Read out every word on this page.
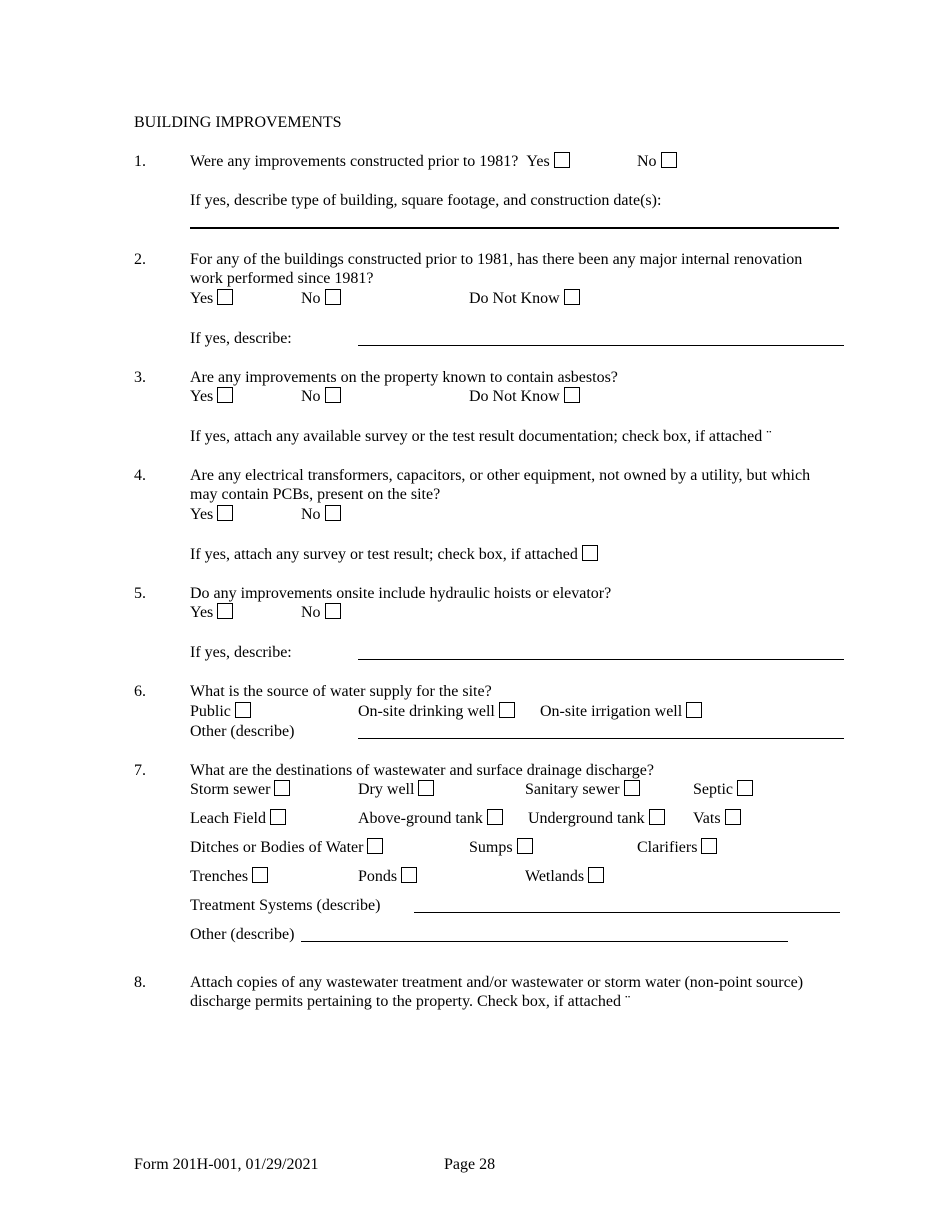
BUILDING IMPROVEMENTS
1.	Were any improvements constructed prior to 1981? Yes	No
If yes, describe type of building, square footage, and construction date(s):
2.	For any of the buildings constructed prior to 1981, has there been any major internal renovation
work performed since 1981?
Yes	No	Do Not Know
If yes, describe:
3.	Are any improvements on the property known to contain asbestos?
Yes	No	Do Not Know
If yes, attach any available survey or the test result documentation; check box, if attached ¨
4.	Are any electrical transformers, capacitors, or other equipment, not owned by a utility, but which
may contain PCBs, present on the site?
Yes	No
If yes, attach any survey or test result; check box, if attached
5.	Do any improvements onsite include hydraulic hoists or elevator?
Yes	No
If yes, describe:
6.	What is the source of water supply for the site?
Public	On-site drinking well	On-site irrigation well
Other (describe)
7.	What are the destinations of wastewater and surface drainage discharge?
Storm sewer	Dry well	Sanitary sewer	Septic
Leach Field	Above-ground tank	Underground tank	Vats
Ditches or Bodies of Water	Sumps	Clarifiers
Trenches	Ponds	Wetlands
Treatment Systems (describe)
Other (describe)
8.	Attach copies of any wastewater treatment and/or wastewater or storm water (non-point source)
discharge permits pertaining to the property. Check box, if attached ¨
Form 201H-001, 01/29/2021	Page 28
